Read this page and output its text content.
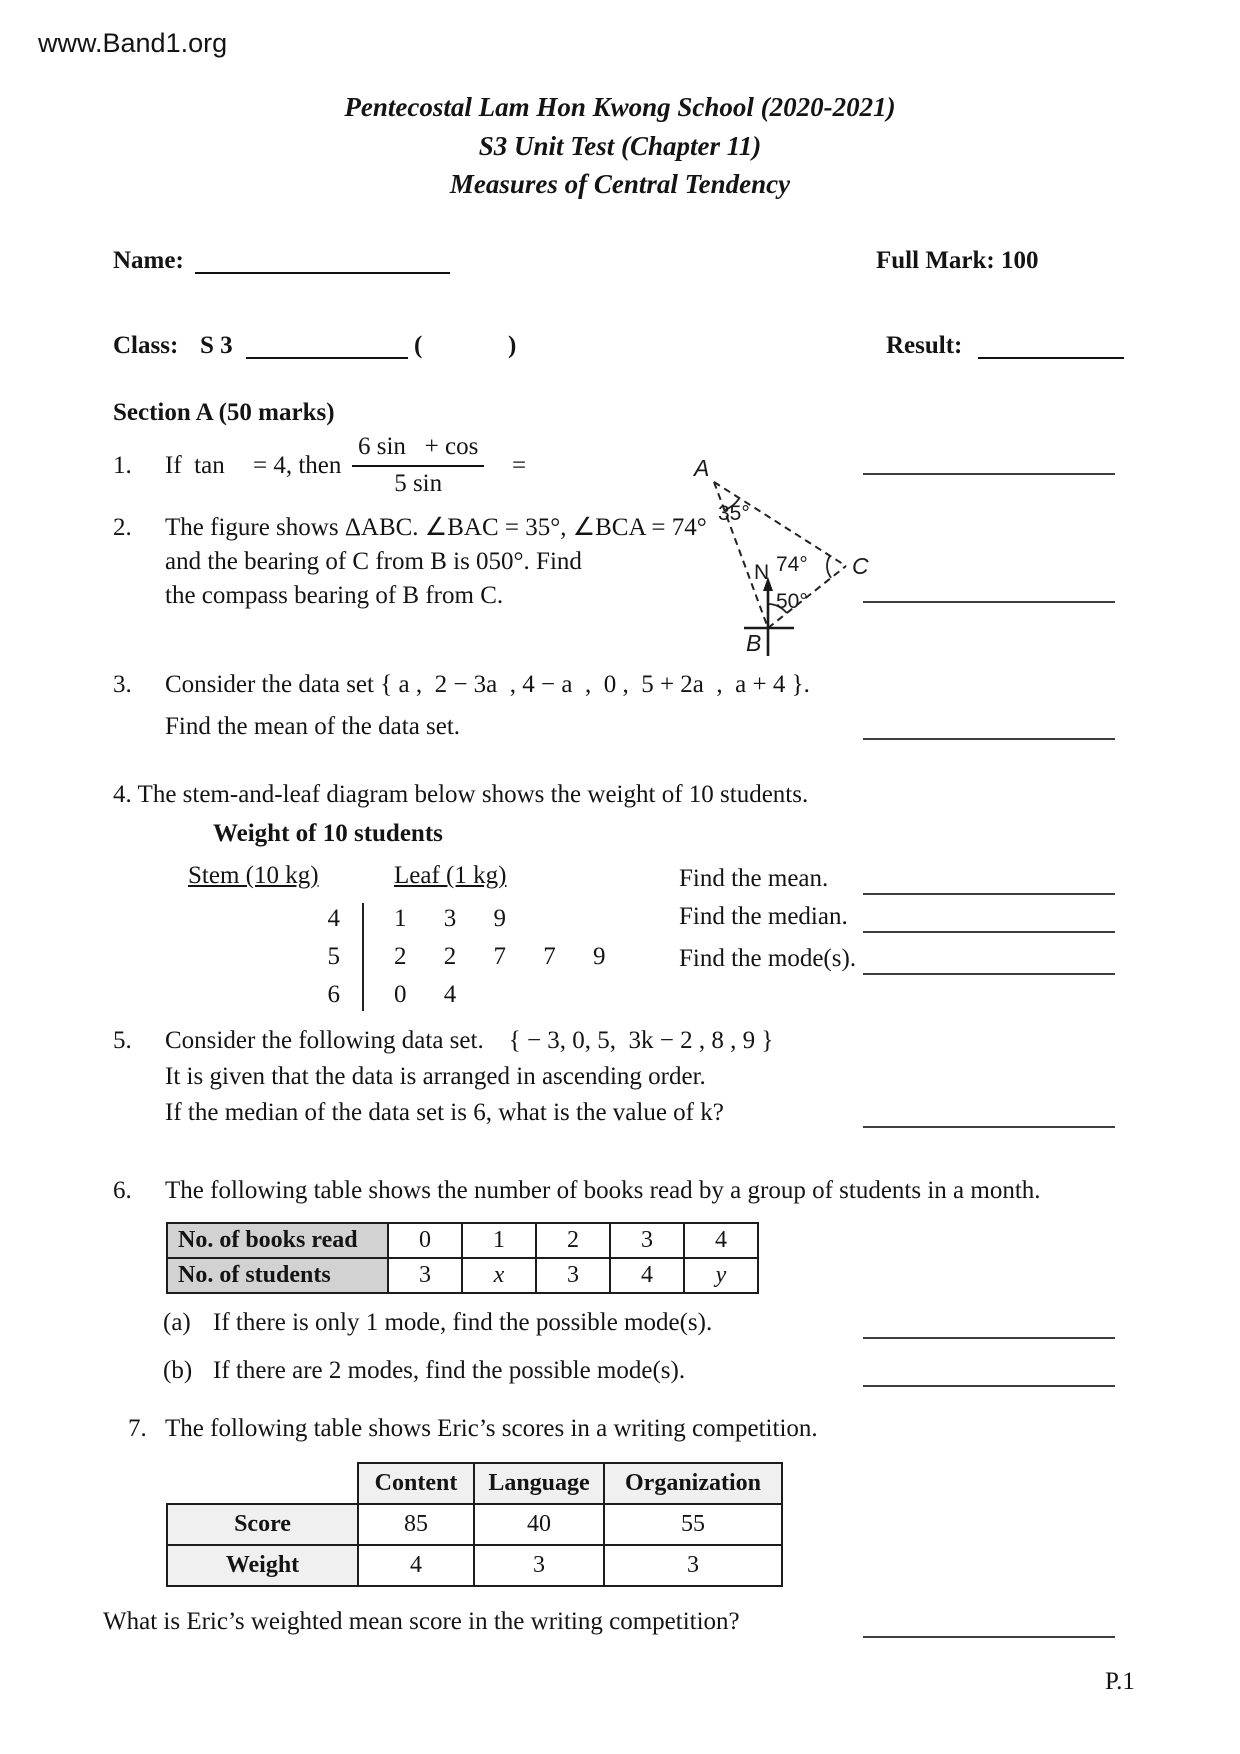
www.Band1.org
Pentecostal Lam Hon Kwong School (2020-2021)
S3 Unit Test (Chapter 11)
Measures of Central Tendency
Name:	Full Mark: 100
Class: S 3	(	)	Result:
Section A (50 marks)
1. If  tan = 4, then $\frac{6 \sin + \cos}{5 \sin}$ =
2. The figure shows ΔABC. ∠BAC = 35°, ∠BCA = 74°
and the bearing of C from B is 050°. Find
the compass bearing of B from C.
A
35°
74° C
N
50°
B
3. Consider the data set { a ,  2 − 3a  , 4 − a  ,  0 ,  5 + 2a  ,  a + 4 }.
Find the mean of the data set.
4. The stem-and-leaf diagram below shows the weight of 10 students.
Weight of 10 students
Stem (10 kg)	Leaf (1 kg)
4 1 3 9
5 2 2 7 7 9
6 0 4
Find the mean.
Find the median.
Find the mode(s).
5. Consider the following data set.    { − 3, 0, 5,  3k − 2 , 8 , 9 }
It is given that the data is arranged in ascending order.
If the median of the data set is 6, what is the value of k?
6. The following table shows the number of books read by a group of students in a month.
No. of books read	0	1	2	3	4
No. of students	3	x	3	4	y
(a) If there is only 1 mode, find the possible mode(s).
(b) If there are 2 modes, find the possible mode(s).
7. The following table shows Eric’s scores in a writing competition.
	Content	Language	Organization
Score	85	40	55
Weight	4	3	3
What is Eric’s weighted mean score in the writing competition?
P.1
